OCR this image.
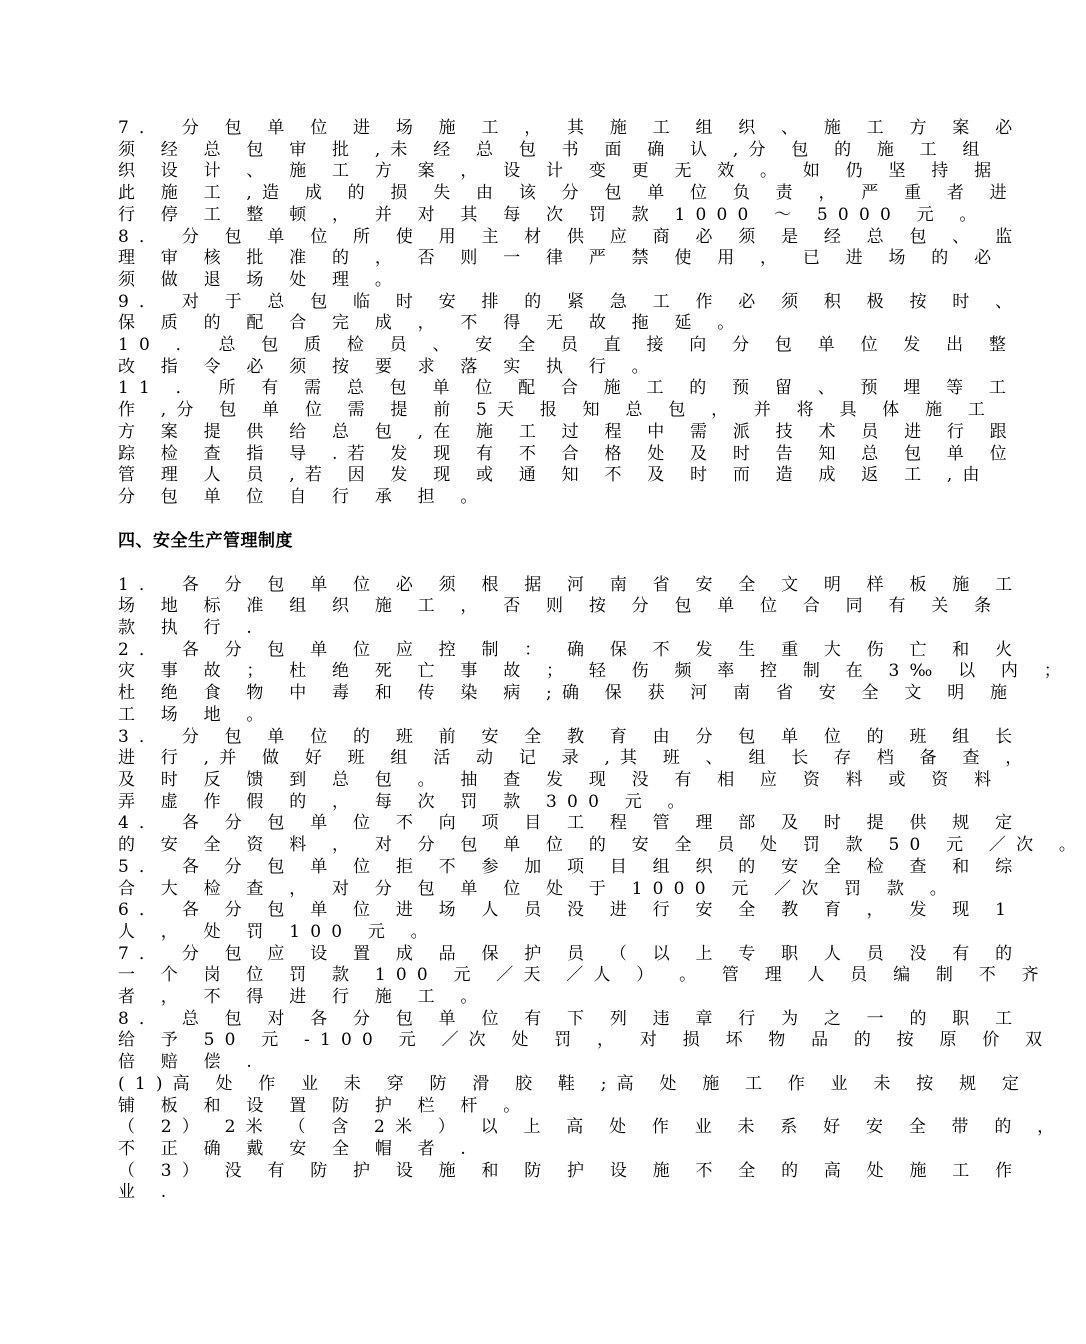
7． 分 包 单 位 进 场 施 工 ， 其 施 工 组 织 、 施 工 方 案 必
须 经 总 包 审 批 ,未 经 总 包 书 面 确 认 ,分 包 的 施 工 组
织 设 计 、 施 工 方 案 ， 设 计 变 更 无 效 。 如 仍 坚 持 据
此 施 工 ,造 成 的 损 失 由 该 分 包 单 位 负 责 ， 严 重 者 进
行 停 工 整 顿 ， 并 对 其 每 次 罚 款 1000 ～ 5000 元 。
8． 分 包 单 位 所 使 用 主 材 供 应 商 必 须 是 经 总 包 、 监
理 审 核 批 准 的 ， 否 则 一 律 严 禁 使 用 ， 已 进 场 的 必
须 做 退 场 处 理 。
9． 对 于 总 包 临 时 安 排 的 紧 急 工 作 必 须 积 极 按 时 、
保 质 的 配 合 完 成 ， 不 得 无 故 拖 延 。
10 ． 总 包 质 检 员 、 安 全 员 直 接 向 分 包 单 位 发 出 整
改 指 令 必 须 按 要 求 落 实 执 行 。
11 ． 所 有 需 总 包 单 位 配 合 施 工 的 预 留 、 预 埋 等 工
作 ,分 包 单 位 需 提 前 5天 报 知 总 包 ， 并 将 具 体 施 工
方 案 提 供 给 总 包 ,在 施 工 过 程 中 需 派 技 术 员 进 行 跟
踪 检 查 指 导 .若 发 现 有 不 合 格 处 及 时 告 知 总 包 单 位
管 理 人 员 ,若 因 发 现 或 通 知 不 及 时 而 造 成 返 工 ,由
分 包 单 位 自 行 承 担 。
四、安全生产管理制度
1． 各 分 包 单 位 必 须 根 据 河 南 省 安 全 文 明 样 板 施 工
场 地 标 准 组 织 施 工 ， 否 则 按 分 包 单 位 合 同 有 关 条
款 执 行 .
2． 各 分 包 单 位 应 控 制 ： 确 保 不 发 生 重 大 伤 亡 和 火
灾 事 故 ； 杜 绝 死 亡 事 故 ； 轻 伤 频 率 控 制 在 3‰ 以 内 ；
杜 绝 食 物 中 毒 和 传 染 病 ;确 保 获 河 南 省 安 全 文 明 施
工 场 地 。
3． 分 包 单 位 的 班 前 安 全 教 育 由 分 包 单 位 的 班 组 长
进 行 ,并 做 好 班 组 活 动 记 录 ,其 班 、 组 长 存 档 备 查 ，
及 时 反 馈 到 总 包 。 抽 查 发 现 没 有 相 应 资 料 或 资 料
弄 虚 作 假 的 ， 每 次 罚 款 300 元 。
4． 各 分 包 单 位 不 向 项 目 工 程 管 理 部 及 时 提 供 规 定
的 安 全 资 料 ， 对 分 包 单 位 的 安 全 员 处 罚 款 50 元 ／次 。
5． 各 分 包 单 位 拒 不 参 加 项 目 组 织 的 安 全 检 查 和 综
合 大 检 查 ， 对 分 包 单 位 处 于 1000 元 ／次 罚 款 。
6． 各 分 包 单 位 进 场 人 员 没 进 行 安 全 教 育 ， 发 现 1
人 ， 处 罚 100 元 。
7． 分 包 应 设 置 成 品 保 护 员 （ 以 上 专 职 人 员 没 有 的
一 个 岗 位 罚 款 100 元 ／天 ／人 ） 。 管 理 人 员 编 制 不 齐
者 ， 不 得 进 行 施 工 。
8． 总 包 对 各 分 包 单 位 有 下 列 违 章 行 为 之 一 的 职 工
给 予 50 元 -100 元 ／次 处 罚 ， 对 损 坏 物 品 的 按 原 价 双
倍 赔 偿 .
(1)高 处 作 业 未 穿 防 滑 胶 鞋 ;高 处 施 工 作 业 未 按 规 定
铺 板 和 设 置 防 护 栏 杆 。
（ 2） 2米 （ 含 2米 ） 以 上 高 处 作 业 未 系 好 安 全 带 的 ，
不 正 确 戴 安 全 帽 者 .
（ 3） 没 有 防 护 设 施 和 防 护 设 施 不 全 的 高 处 施 工 作
业 .
